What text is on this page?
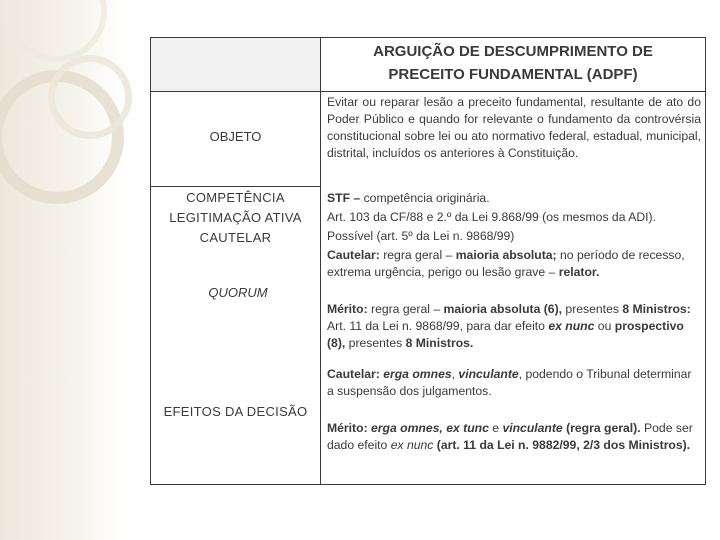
ARGUIÇÃO DE DESCUMPRIMENTO DE
PRECEITO FUNDAMENTAL (ADPF)
OBJETO
COMPETÊNCIA
LEGITIMAÇÃO ATIVA
CAUTELAR
QUORUM
EFEITOS DA DECISÃO
Evitar ou reparar lesão a preceito fundamental, resultante de ato do Poder Público e quando for relevante o fundamento da controvérsia constitucional sobre lei ou ato normativo federal, estadual, municipal, distrital, incluídos os anteriores à Constituição.
STF – competência originária.
Art. 103 da CF/88 e 2.º da Lei 9.868/99 (os mesmos da ADI).
Possível (art. 5º da Lei n. 9868/99)
Cautelar: regra geral – maioria absoluta; no período de recesso, extrema urgência, perigo ou lesão grave – relator.
Mérito: regra geral – maioria absoluta (6), presentes 8 Ministros: Art. 11 da Lei n. 9868/99, para dar efeito ex nunc ou prospectivo (8), presentes 8 Ministros.
Cautelar: erga omnes, vinculante, podendo o Tribunal determinar a suspensão dos julgamentos.
Mérito: erga omnes, ex tunc e vinculante (regra geral). Pode ser dado efeito ex nunc (art. 11 da Lei n. 9882/99, 2/3 dos Ministros).
